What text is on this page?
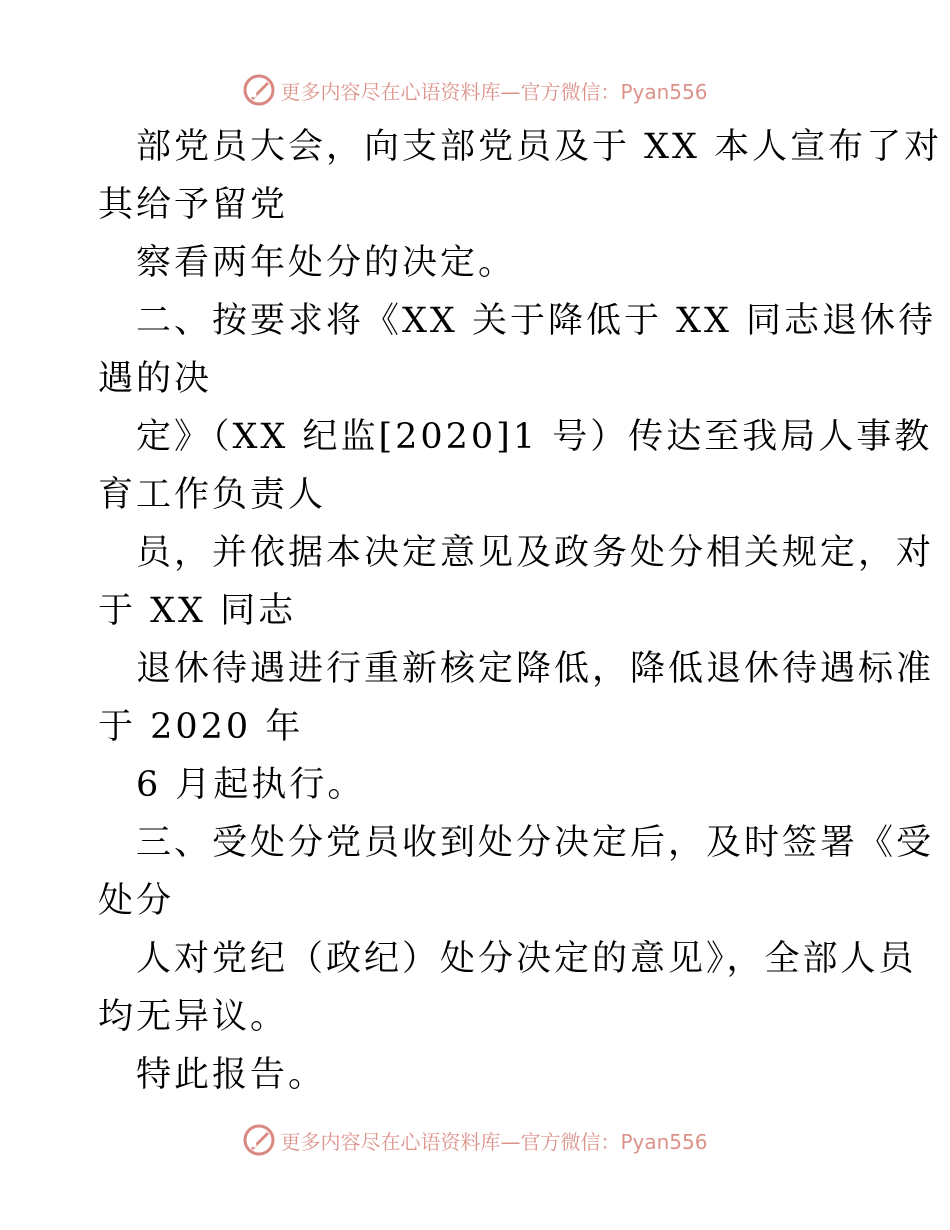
更多内容尽在心语资料库—官方微信：Pyan556
部党员大会，向支部党员及于 XX 本人宣布了对
其给予留党
察看两年处分的决定。
二、按要求将《XX 关于降低于 XX 同志退休待
遇的决
定》（XX 纪监[2020]1 号）传达至我局人事教
育工作负责人
员，并依据本决定意见及政务处分相关规定，对
于 XX 同志
退休待遇进行重新核定降低，降低退休待遇标准
于 2020 年
6 月起执行。
三、受处分党员收到处分决定后，及时签署《受
处分
人对党纪（政纪）处分决定的意见》，全部人员
均无异议。
特此报告。
更多内容尽在心语资料库—官方微信：Pyan556
